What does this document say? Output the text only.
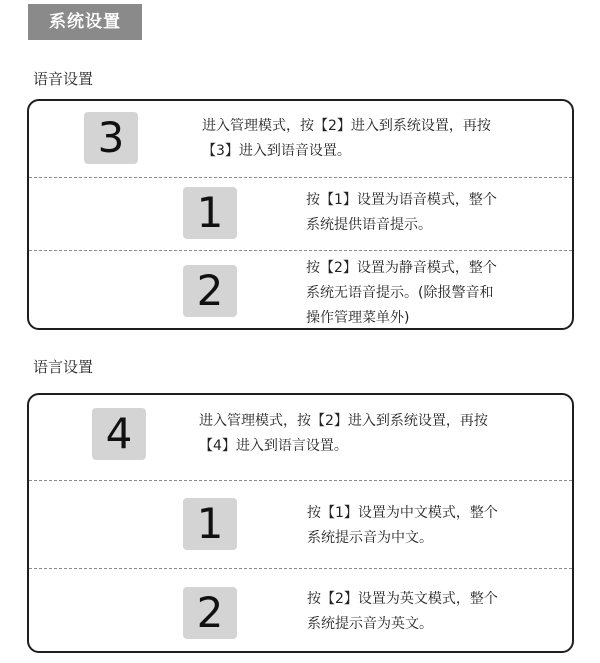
系统设置
语音设置
3	进入管理模式，按【2】进入到系统设置，再按
【3】进入到语音设置。
1	按【1】设置为语音模式，整个
系统提供语音提示。
2	按【2】设置为静音模式，整个
系统无语音提示。(除报警音和
操作管理菜单外)
语言设置
4	进入管理模式，按【2】进入到系统设置，再按
【4】进入到语言设置。
1	按【1】设置为中文模式，整个
系统提示音为中文。
2	按【2】设置为英文模式，整个
系统提示音为英文。
